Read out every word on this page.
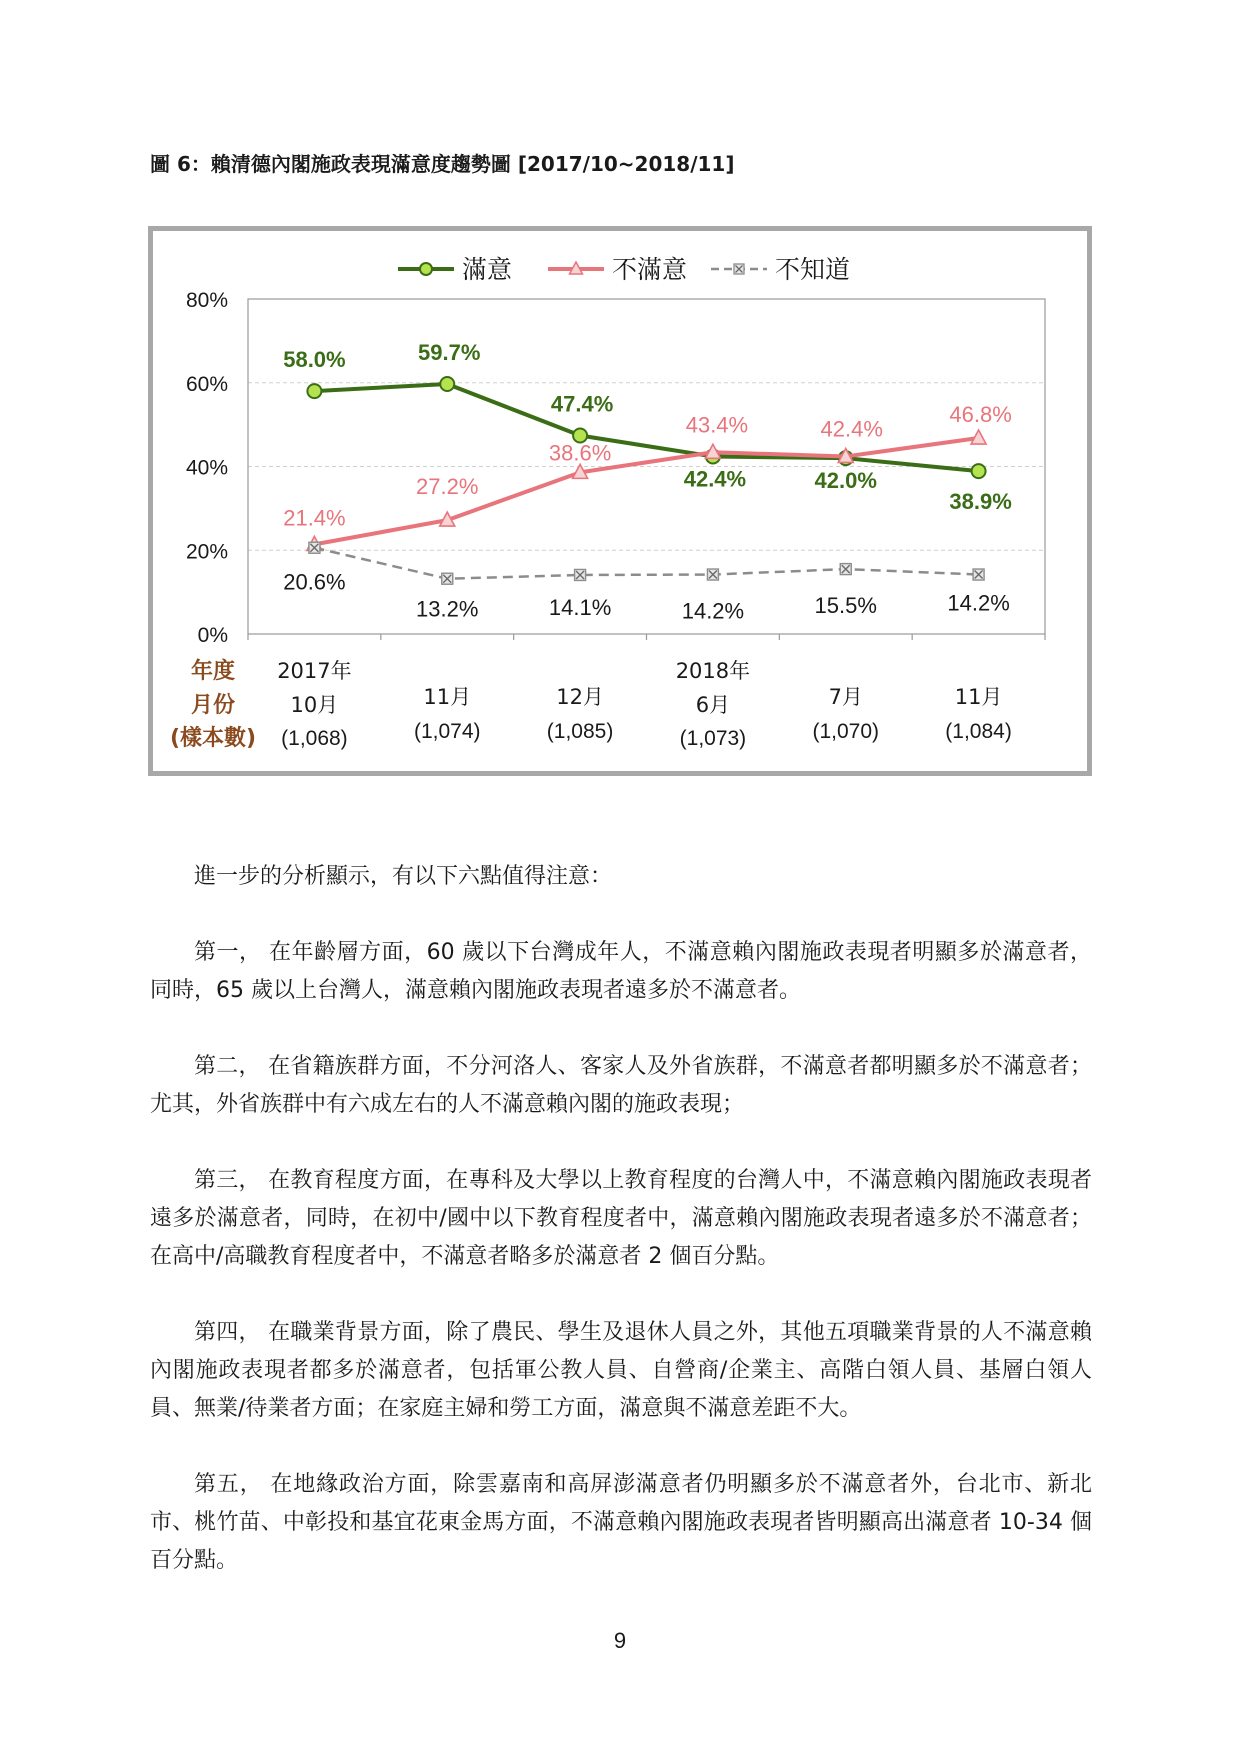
圖 6：賴清德內閣施政表現滿意度趨勢圖 [2017/10~2018/11]
0%
20%
40%
60%
80%
58.0%	59.7%
47.4%
42.4%	42.0%
38.9%
21.4%
27.2%
38.6%
43.4%	42.4%
46.8%
20.6%
13.2%	14.1%	14.2%	15.5%	14.2%
滿意	不滿意	不知道
年度
月份
(樣本數)
2017年
10月
(1,068)
11月
(1,074)
12月
(1,085)
2018年
6月
(1,073)
7月
(1,070)
11月
(1,084)

進一步的分析顯示，有以下六點值得注意：

第一， 在年齡層方面，60 歲以下台灣成年人，不滿意賴內閣施政表現者明顯多於滿意者，同時，65 歲以上台灣人，滿意賴內閣施政表現者遠多於不滿意者。

第二， 在省籍族群方面，不分河洛人、客家人及外省族群，不滿意者都明顯多於不滿意者；尤其，外省族群中有六成左右的人不滿意賴內閣的施政表現；

第三， 在教育程度方面，在專科及大學以上教育程度的台灣人中，不滿意賴內閣施政表現者遠多於滿意者，同時，在初中/國中以下教育程度者中，滿意賴內閣施政表現者遠多於不滿意者；在高中/高職教育程度者中，不滿意者略多於滿意者 2 個百分點。

第四， 在職業背景方面，除了農民、學生及退休人員之外，其他五項職業背景的人不滿意賴內閣施政表現者都多於滿意者，包括軍公教人員、自營商/企業主、高階白領人員、基層白領人員、無業/待業者方面；在家庭主婦和勞工方面，滿意與不滿意差距不大。

第五， 在地緣政治方面，除雲嘉南和高屏澎滿意者仍明顯多於不滿意者外，台北市、新北市、桃竹苗、中彰投和基宜花東金馬方面，不滿意賴內閣施政表現者皆明顯高出滿意者 10-34 個百分點。

9
